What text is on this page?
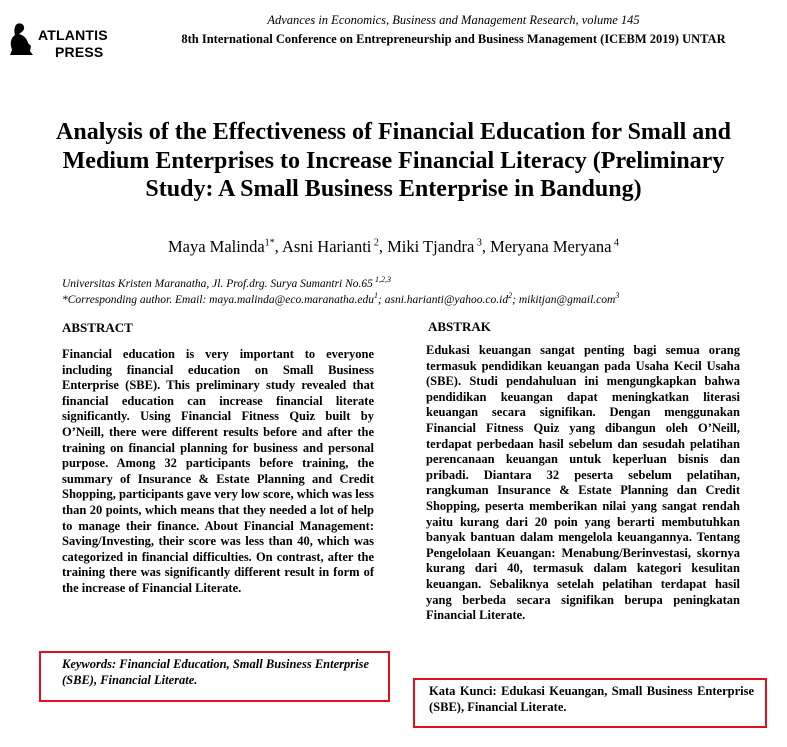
ATLANTIS
PRESS
Advances in Economics, Business and Management Research, volume 145
8th International Conference on Entrepreneurship and Business Management (ICEBM 2019) UNTAR
Analysis of the Effectiveness of Financial Education for Small and Medium Enterprises to Increase Financial Literacy (Preliminary Study: A Small Business Enterprise in Bandung)
Maya Malinda$^{1*}$, Asni Harianti $^2$, Miki Tjandra $^3$, Meryana Meryana $^4$
Universitas Kristen Maranatha, Jl. Prof.drg. Surya Sumantri No.65 $^{1,2,3}$
*Corresponding author. Email: maya.malinda@eco.maranatha.edu$^1$; $asni.harianti@yahoo.co.id^2$; mikitjan@gmail.com$^3$
ABSTRACT
Financial education is very important to everyone including financial education on Small Business Enterprise (SBE). This preliminary study revealed that financial education can increase financial literate significantly. Using Financial Fitness Quiz built by O’Neill, there were different results before and after the training on financial planning for business and personal purpose. Among 32 participants before training, the summary of Insurance & Estate Planning and Credit Shopping, participants gave very low score, which was less than 20 points, which means that they needed a lot of help to manage their finance. About Financial Management: Saving/Investing, their score was less than 40, which was categorized in financial difficulties. On contrast, after the training there was significantly different result in form of the increase of Financial Literate.
Keywords: Financial Education, Small Business Enterprise (SBE), Financial Literate.
ABSTRAK
Edukasi keuangan sangat penting bagi semua orang termasuk pendidikan keuangan pada Usaha Kecil Usaha (SBE). Studi pendahuluan ini mengungkapkan bahwa pendidikan keuangan dapat meningkatkan literasi keuangan secara signifikan. Dengan menggunakan Financial Fitness Quiz yang dibangun oleh O’Neill, terdapat perbedaan hasil sebelum dan sesudah pelatihan perencanaan keuangan untuk keperluan bisnis dan pribadi. Diantara 32 peserta sebelum pelatihan, rangkuman Insurance & Estate Planning dan Credit Shopping, peserta memberikan nilai yang sangat rendah yaitu kurang dari 20 poin yang berarti membutuhkan banyak bantuan dalam mengelola keuangannya. Tentang Pengelolaan Keuangan: Menabung/Berinvestasi, skornya kurang dari 40, termasuk dalam kategori kesulitan keuangan. Sebaliknya setelah pelatihan terdapat hasil yang berbeda secara signifikan berupa peningkatan Financial Literate.
Kata Kunci: Edukasi Keuangan, Small Business Enterprise (SBE), Financial Literate.
